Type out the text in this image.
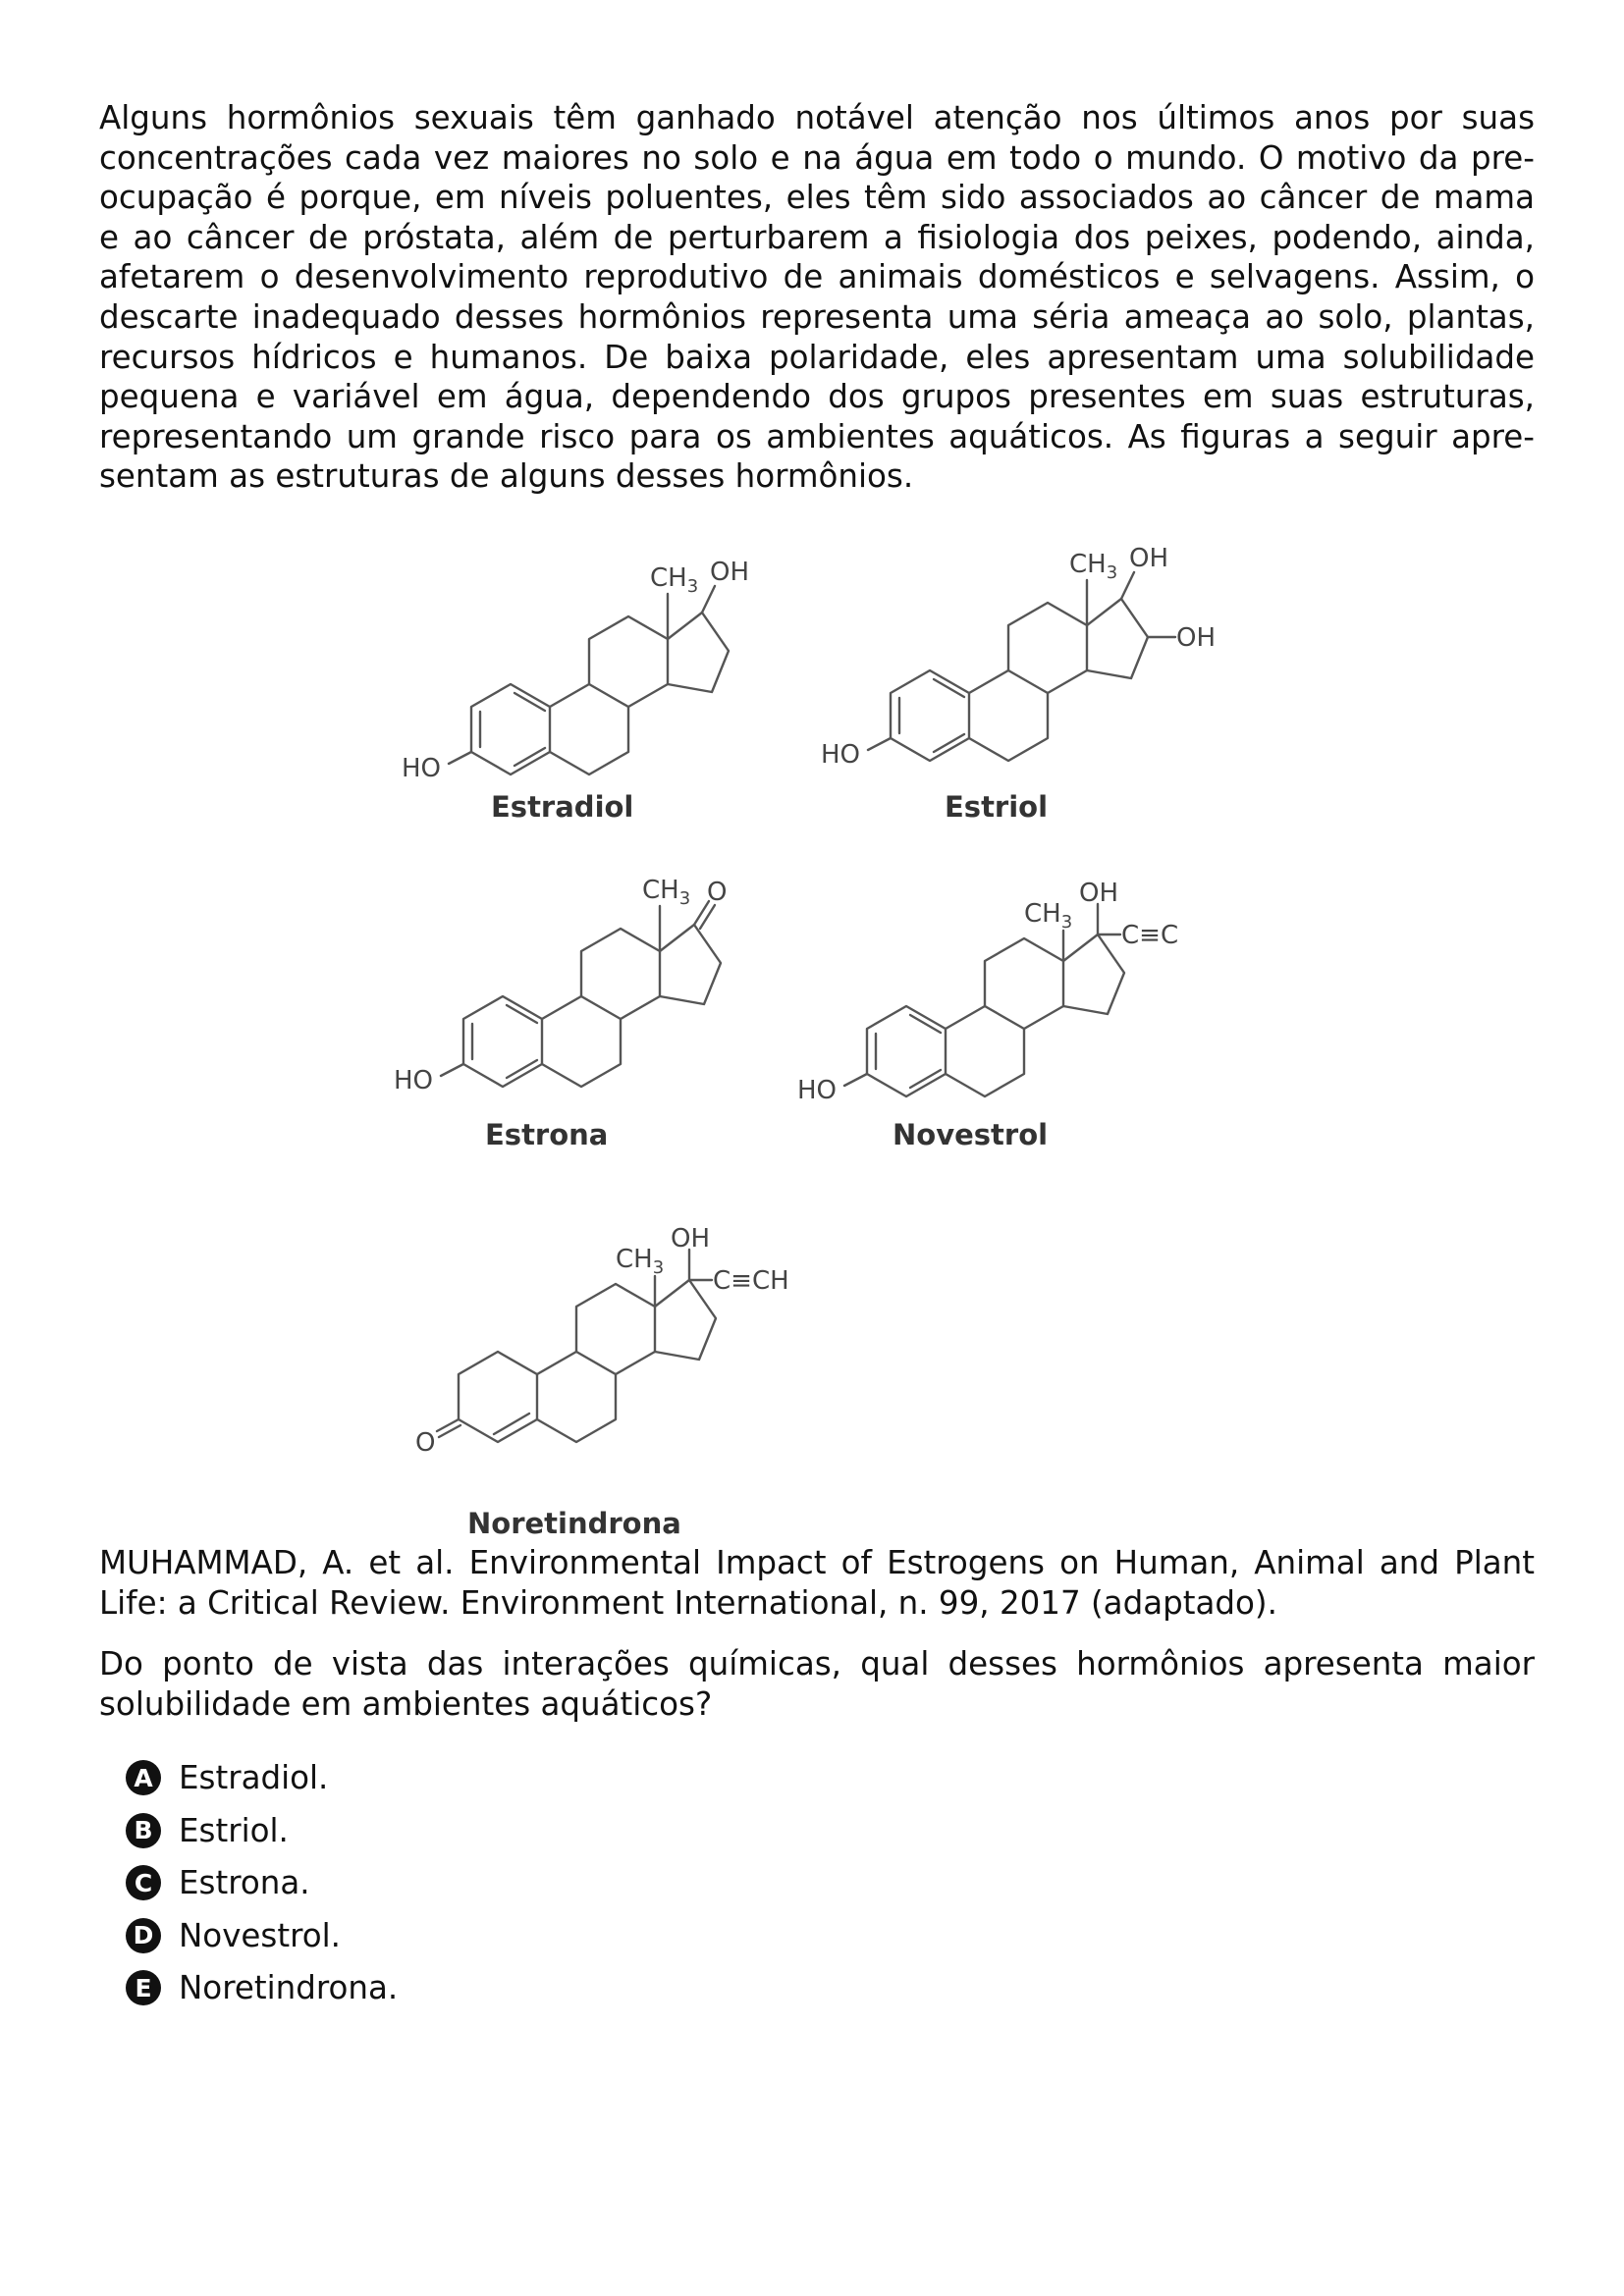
Alguns hormônios sexuais têm ganhado notável atenção nos últimos anos por suas
concentrações cada vez maiores no solo e na água em todo o mundo. O motivo da pre-
ocupação é porque, em níveis poluentes, eles têm sido associados ao câncer de mama
e ao câncer de próstata, além de perturbarem a fisiologia dos peixes, podendo, ainda,
afetarem o desenvolvimento reprodutivo de animais domésticos e selvagens. Assim, o
descarte inadequado desses hormônios representa uma séria ameaça ao solo, plantas,
recursos hídricos e humanos. De baixa polaridade, eles apresentam uma solubilidade
pequena e variável em água, dependendo dos grupos presentes em suas estruturas,
representando um grande risco para os ambientes aquáticos. As figuras a seguir apre-
sentam as estruturas de alguns desses hormônios.

HO
$CH_3$ OH
Estradiol
HO
$CH_3$ OH
OH
Estriol
HO
$CH_3$ O
Estrona
HO
$CH_3$
OH
C≡C
Novestrol
O
$CH_3$
OH
C≡CH
Noretindrona

MUHAMMAD, A. et al. Environmental Impact of Estrogens on Human, Animal and Plant
Life: a Critical Review. Environment International, n. 99, 2017 (adaptado).

Do ponto de vista das interações químicas, qual desses hormônios apresenta maior
solubilidade em ambientes aquáticos?

A Estradiol.
B Estriol.
C Estrona.
D Novestrol.
E Noretindrona.
